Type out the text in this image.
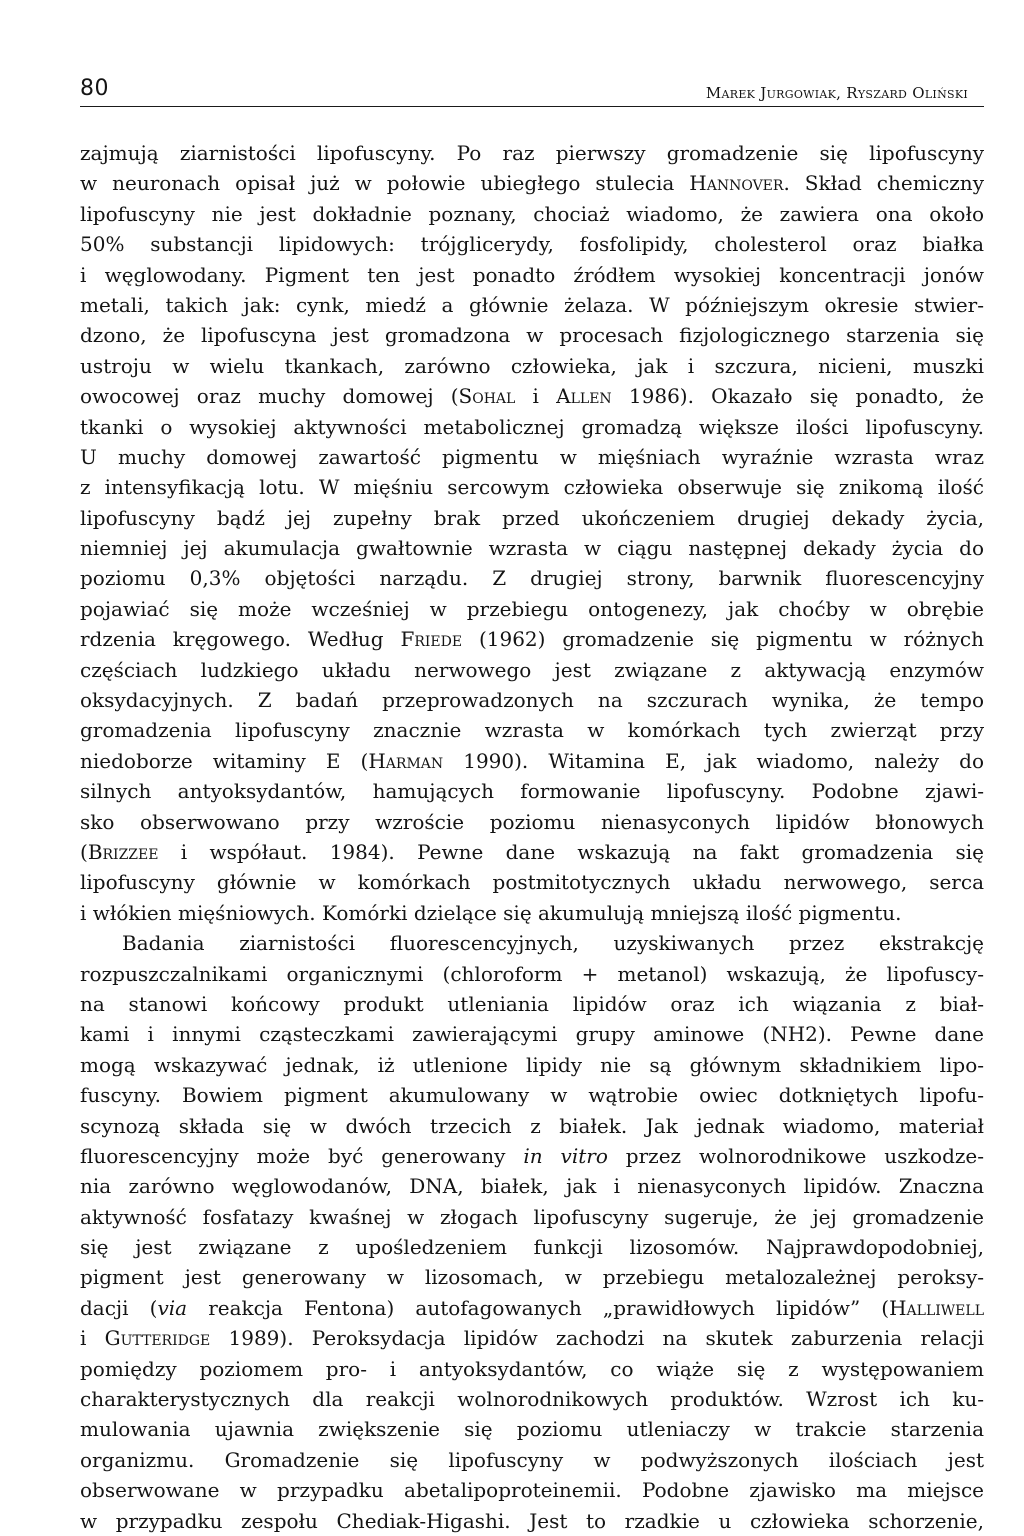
80	Marek Jurgowiak, Ryszard Oliński
zajmują ziarnistości lipofuscyny. Po raz pierwszy gromadzenie się lipofuscyny
w neuronach opisał już w połowie ubiegłego stulecia Hannover. Skład chemiczny
lipofuscyny nie jest dokładnie poznany, chociaż wiadomo, że zawiera ona około
50% substancji lipidowych: trójglicerydy, fosfolipidy, cholesterol oraz białka
i węglowodany. Pigment ten jest ponadto źródłem wysokiej koncentracji jonów
metali, takich jak: cynk, miedź a głównie żelaza. W późniejszym okresie stwier-
dzono, że lipofuscyna jest gromadzona w procesach fizjologicznego starzenia się
ustroju w wielu tkankach, zarówno człowieka, jak i szczura, nicieni, muszki
owocowej oraz muchy domowej (Sohal i Allen 1986). Okazało się ponadto, że
tkanki o wysokiej aktywności metabolicznej gromadzą większe ilości lipofuscyny.
U muchy domowej zawartość pigmentu w mięśniach wyraźnie wzrasta wraz
z intensyfikacją lotu. W mięśniu sercowym człowieka obserwuje się znikomą ilość
lipofuscyny bądź jej zupełny brak przed ukończeniem drugiej dekady życia,
niemniej jej akumulacja gwałtownie wzrasta w ciągu następnej dekady życia do
poziomu 0,3% objętości narządu. Z drugiej strony, barwnik fluorescencyjny
pojawiać się może wcześniej w przebiegu ontogenezy, jak choćby w obrębie
rdzenia kręgowego. Według Friede (1962) gromadzenie się pigmentu w różnych
częściach ludzkiego układu nerwowego jest związane z aktywacją enzymów
oksydacyjnych. Z badań przeprowadzonych na szczurach wynika, że tempo
gromadzenia lipofuscyny znacznie wzrasta w komórkach tych zwierząt przy
niedoborze witaminy E (Harman 1990). Witamina E, jak wiadomo, należy do
silnych antyoksydantów, hamujących formowanie lipofuscyny. Podobne zjawi-
sko obserwowano przy wzroście poziomu nienasyconych lipidów błonowych
(Brizzee i współaut. 1984). Pewne dane wskazują na fakt gromadzenia się
lipofuscyny głównie w komórkach postmitotycznych układu nerwowego, serca
i włókien mięśniowych. Komórki dzielące się akumulują mniejszą ilość pigmentu.
Badania ziarnistości fluorescencyjnych, uzyskiwanych przez ekstrakcję
rozpuszczalnikami organicznymi (chloroform + metanol) wskazują, że lipofuscy-
na stanowi końcowy produkt utleniania lipidów oraz ich wiązania z biał-
kami i innymi cząsteczkami zawierającymi grupy aminowe (NH2). Pewne dane
mogą wskazywać jednak, iż utlenione lipidy nie są głównym składnikiem lipo-
fuscyny. Bowiem pigment akumulowany w wątrobie owiec dotkniętych lipofu-
scynozą składa się w dwóch trzecich z białek. Jak jednak wiadomo, materiał
fluorescencyjny może być generowany in vitro przez wolnorodnikowe uszkodze-
nia zarówno węglowodanów, DNA, białek, jak i nienasyconych lipidów. Znaczna
aktywność fosfatazy kwaśnej w złogach lipofuscyny sugeruje, że jej gromadzenie
się jest związane z upośledzeniem funkcji lizosomów. Najprawdopodobniej,
pigment jest generowany w lizosomach, w przebiegu metalozależnej peroksy-
dacji (via reakcja Fentona) autofagowanych „prawidłowych lipidów” (Halliwell
i Gutteridge 1989). Peroksydacja lipidów zachodzi na skutek zaburzenia relacji
pomiędzy poziomem pro- i antyoksydantów, co wiąże się z występowaniem
charakterystycznych dla reakcji wolnorodnikowych produktów. Wzrost ich ku-
mulowania ujawnia zwiększenie się poziomu utleniaczy w trakcie starzenia
organizmu. Gromadzenie się lipofuscyny w podwyższonych ilościach jest
obserwowane w przypadku abetalipoproteinemii. Podobne zjawisko ma miejsce
w przypadku zespołu Chediak-Higashi. Jest to rzadkie u człowieka schorzenie,
